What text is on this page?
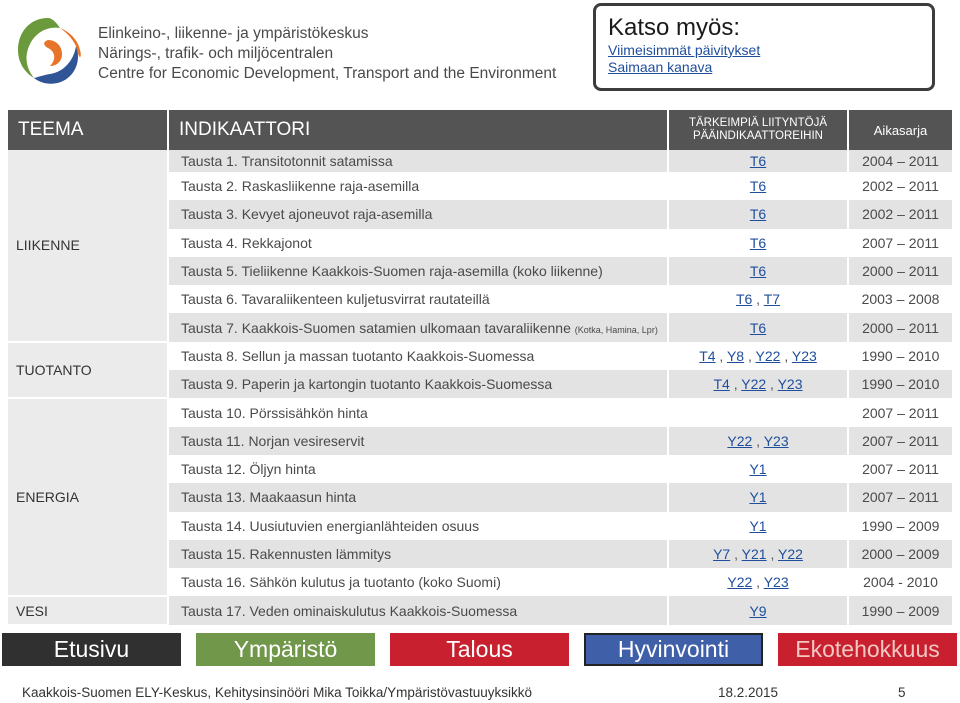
Elinkeino-, liikenne- ja ympäristökeskus
Närings-, trafik- och miljöcentralen
Centre for Economic Development, Transport and the Environment
Katso myös:
Viimeisimmät päivitykset
Saimaan kanava
TEEMA	INDIKAATTORI	TÄRKEIMPIÄ LIITYNTÖJÄ PÄÄINDIKAATTOREIHIN	Aikasarja
LIIKENNE	Tausta 1. Transitotonnit satamissa	T6	2004 – 2011
	Tausta 2. Raskasliikenne raja-asemilla	T6	2002 – 2011
	Tausta 3. Kevyet ajoneuvot raja-asemilla	T6	2002 – 2011
	Tausta 4. Rekkajonot	T6	2007 – 2011
	Tausta 5. Tieliikenne Kaakkois-Suomen raja-asemilla (koko liikenne)	T6	2000 – 2011
	Tausta 6. Tavaraliikenteen kuljetusvirrat rautateillä	T6 , T7	2003 – 2008
	Tausta 7. Kaakkois-Suomen satamien ulkomaan tavaraliikenne (Kotka, Hamina, Lpr)	T6	2000 – 2011
TUOTANTO	Tausta 8. Sellun ja massan tuotanto Kaakkois-Suomessa	T4 , Y8 , Y22 , Y23	1990 – 2010
	Tausta 9. Paperin ja kartongin tuotanto Kaakkois-Suomessa	T4 , Y22 , Y23	1990 – 2010
ENERGIA	Tausta 10. Pörssisähkön hinta		2007 – 2011
	Tausta 11. Norjan vesireservit	Y22 , Y23	2007 – 2011
	Tausta 12. Öljyn hinta	Y1	2007 – 2011
	Tausta 13. Maakaasun hinta	Y1	2007 – 2011
	Tausta 14. Uusiutuvien energianlähteiden osuus	Y1	1990 – 2009
	Tausta 15. Rakennusten lämmitys	Y7 , Y21 , Y22	2000 – 2009
	Tausta 16. Sähkön kulutus ja tuotanto (koko Suomi)	Y22 , Y23	2004 - 2010
VESI	Tausta 17. Veden ominaiskulutus Kaakkois-Suomessa	Y9	1990 – 2009
Etusivu	Ympäristö	Talous	Hyvinvointi	Ekotehokkuus
Kaakkois-Suomen ELY-Keskus, Kehitysinsinööri Mika Toikka/Ympäristövastuuyksikkö	18.2.2015	5
